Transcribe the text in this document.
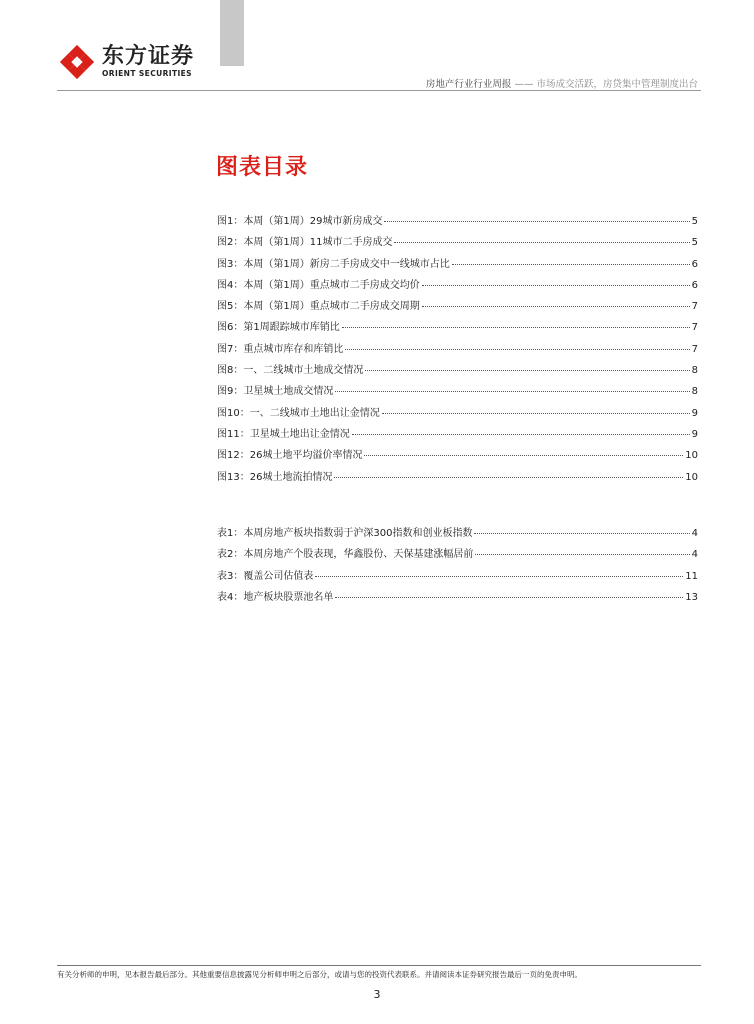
东方证券
ORIENT SECURITIES
房地产行业行业周报 —— 市场成交活跃，房贷集中管理制度出台
图表目录
图1：本周（第1周）29城市新房成交	5
图2：本周（第1周）11城市二手房成交	5
图3：本周（第1周）新房二手房成交中一线城市占比	6
图4：本周（第1周）重点城市二手房成交均价	6
图5：本周（第1周）重点城市二手房成交周期	7
图6：第1周跟踪城市库销比	7
图7：重点城市库存和库销比	7
图8：一、二线城市土地成交情况	8
图9：卫星城土地成交情况	8
图10：一、二线城市土地出让金情况	9
图11：卫星城土地出让金情况	9
图12：26城土地平均溢价率情况	10
图13：26城土地流拍情况	10
表1：本周房地产板块指数弱于沪深300指数和创业板指数	4
表2：本周房地产个股表现，华鑫股份、天保基建涨幅居前	4
表3：覆盖公司估值表	11
表4：地产板块股票池名单	13
有关分析师的申明，见本报告最后部分。其他重要信息披露见分析师申明之后部分，或请与您的投资代表联系。并请阅读本证券研究报告最后一页的免责申明。
3
